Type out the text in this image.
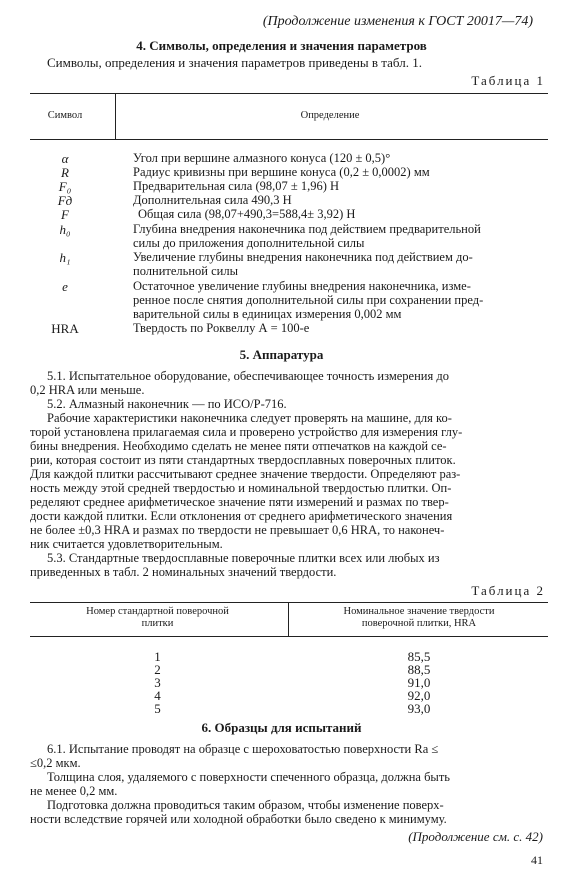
(Продолжение изменения к ГОСТ 20017—74)
4. Символы, определения и значения параметров
Символы, определения и значения параметров приведены в табл. 1.
Таблица 1
Символ	Определение
α	Угол при вершине алмазного конуса (120 ± 0,5)°
R	Радиус кривизны при вершине конуса (0,2 ± 0,0002) мм
F₀	Предварительная сила (98,07 ± 1,96) Н
Fд	Дополнительная сила 490,3 Н
F	Общая сила (98,07+490,3=588,4± 3,92) Н
h₀	Глубина внедрения наконечника под действием предварительной
силы до приложения дополнительной силы
h₁	Увеличение глубины внедрения наконечника под действием до-
полнительной силы
e	Остаточное увеличение глубины внедрения наконечника, изме-
ренное после снятия дополнительной силы при сохранении пред-
варительной силы в единицах измерения 0,002 мм
HRA	Твердость по Роквеллу А = 100-е
5. Аппаратура
5.1. Испытательное оборудование, обеспечивающее точность измерения до
0,2 HRA или меньше.
5.2. Алмазный наконечник — по ИСО/Р-716.
Рабочие характеристики наконечника следует проверять на машине, для ко-
торой установлена прилагаемая сила и проверено устройство для измерения глу-
бины внедрения. Необходимо сделать не менее пяти отпечатков на каждой се-
рии, которая состоит из пяти стандартных твердосплавных поверочных плиток.
Для каждой плитки рассчитывают среднее значение твердости. Определяют раз-
ность между этой средней твердостью и номинальной твердостью плитки. Оп-
ределяют среднее арифметическое значение пяти измерений и размах по твер-
дости каждой плитки. Если отклонения от среднего арифметического значения
не более ±0,3 HRA и размах по твердости не превышает 0,6 HRA, то наконеч-
ник считается удовлетворительным.
5.3. Стандартные твердосплавные поверочные плитки всех или любых из
приведенных в табл. 2 номинальных значений твердости.
Таблица 2
Номер стандартной поверочной
плитки
Номинальное значение твердости
поверочной плитки, HRA
1	85,5
2	88,5
3	91,0
4	92,0
5	93,0
6. Образцы для испытаний
6.1. Испытание проводят на образце с шероховатостью поверхности Rа ≤
≤0,2 мкм.
Толщина слоя, удаляемого с поверхности спеченного образца, должна быть
не менее 0,2 мм.
Подготовка должна проводиться таким образом, чтобы изменение поверх-
ности вследствие горячей или холодной обработки было сведено к минимуму.
(Продолжение см. с. 42)
41
